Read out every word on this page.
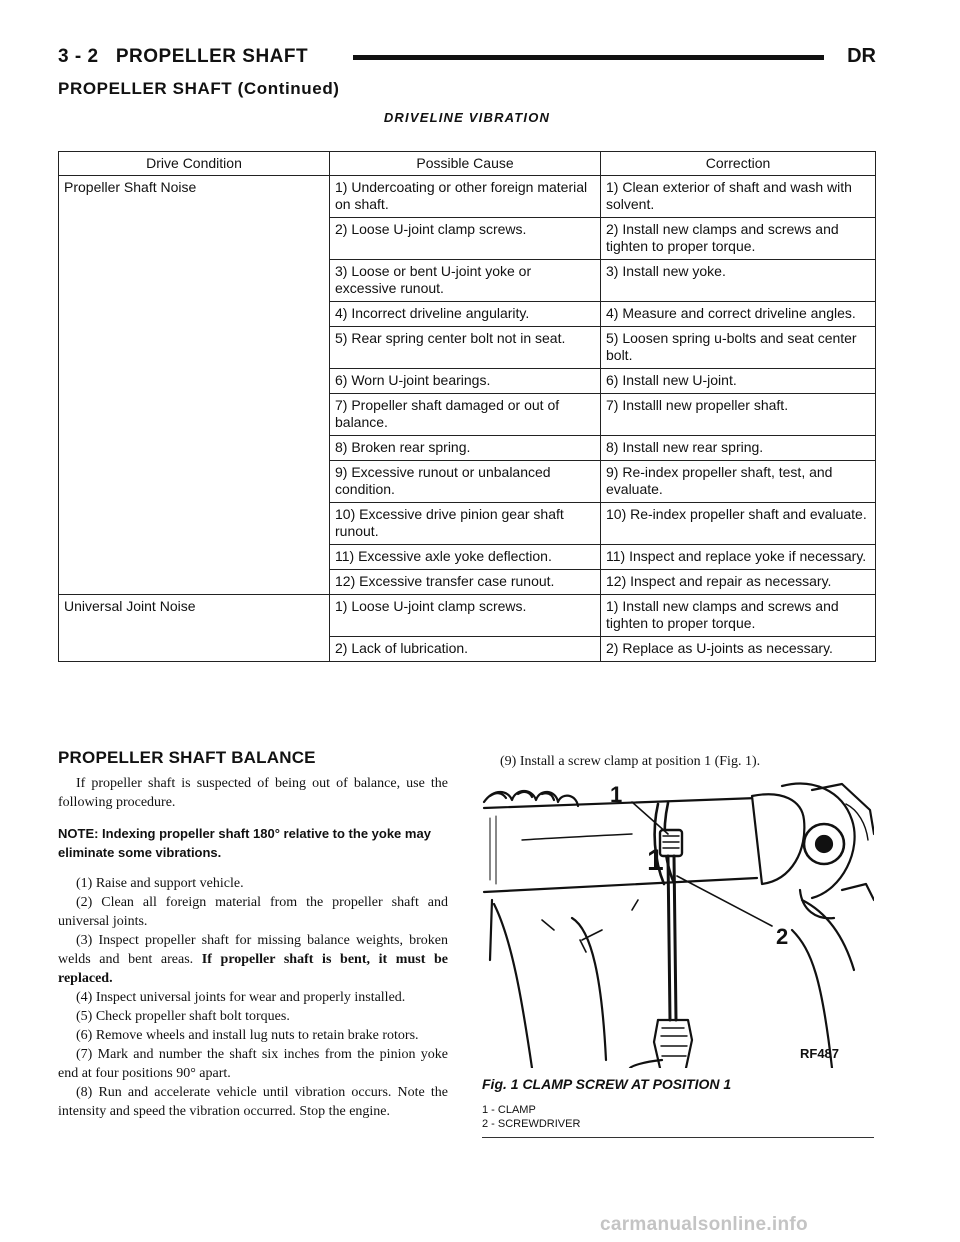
3 - 2 PROPELLER SHAFT	DR
PROPELLER SHAFT (Continued)
DRIVELINE VIBRATION
Drive Condition	Possible Cause	Correction
Propeller Shaft Noise	1) Undercoating or other foreign material on shaft.	1) Clean exterior of shaft and wash with solvent.
	2) Loose U-joint clamp screws.	2) Install new clamps and screws and tighten to proper torque.
	3) Loose or bent U-joint yoke or excessive runout.	3) Install new yoke.
	4) Incorrect driveline angularity.	4) Measure and correct driveline angles.
	5) Rear spring center bolt not in seat.	5) Loosen spring u-bolts and seat center bolt.
	6) Worn U-joint bearings.	6) Install new U-joint.
	7) Propeller shaft damaged or out of balance.	7) Installl new propeller shaft.
	8) Broken rear spring.	8) Install new rear spring.
	9) Excessive runout or unbalanced condition.	9) Re-index propeller shaft, test, and evaluate.
	10) Excessive drive pinion gear shaft runout.	10) Re-index propeller shaft and evaluate.
	11) Excessive axle yoke deflection.	11) Inspect and replace yoke if necessary.
	12) Excessive transfer case runout.	12) Inspect and repair as necessary.
Universal Joint Noise	1) Loose U-joint clamp screws.	1) Install new clamps and screws and tighten to proper torque.
	2) Lack of lubrication.	2) Replace as U-joints as necessary.
PROPELLER SHAFT BALANCE

If propeller shaft is suspected of being out of balance, use the following procedure.

NOTE: Indexing propeller shaft 180° relative to the yoke may eliminate some vibrations.

(1) Raise and support vehicle.

(2) Clean all foreign material from the propeller shaft and universal joints.

(3) Inspect propeller shaft for missing balance weights, broken welds and bent areas. If propeller shaft is bent, it must be replaced.

(4) Inspect universal joints for wear and properly installed.

(5) Check propeller shaft bolt torques.

(6) Remove wheels and install lug nuts to retain brake rotors.

(7) Mark and number the shaft six inches from the pinion yoke end at four positions 90° apart.

(8) Run and accelerate vehicle until vibration occurs. Note the intensity and speed the vibration occurred. Stop the engine.

(9) Install a screw clamp at position 1 (Fig. 1).

1
2
1
RF487
Fig. 1 CLAMP SCREW AT POSITION 1
1 - CLAMP
2 - SCREWDRIVER
carmanualsonline.info
